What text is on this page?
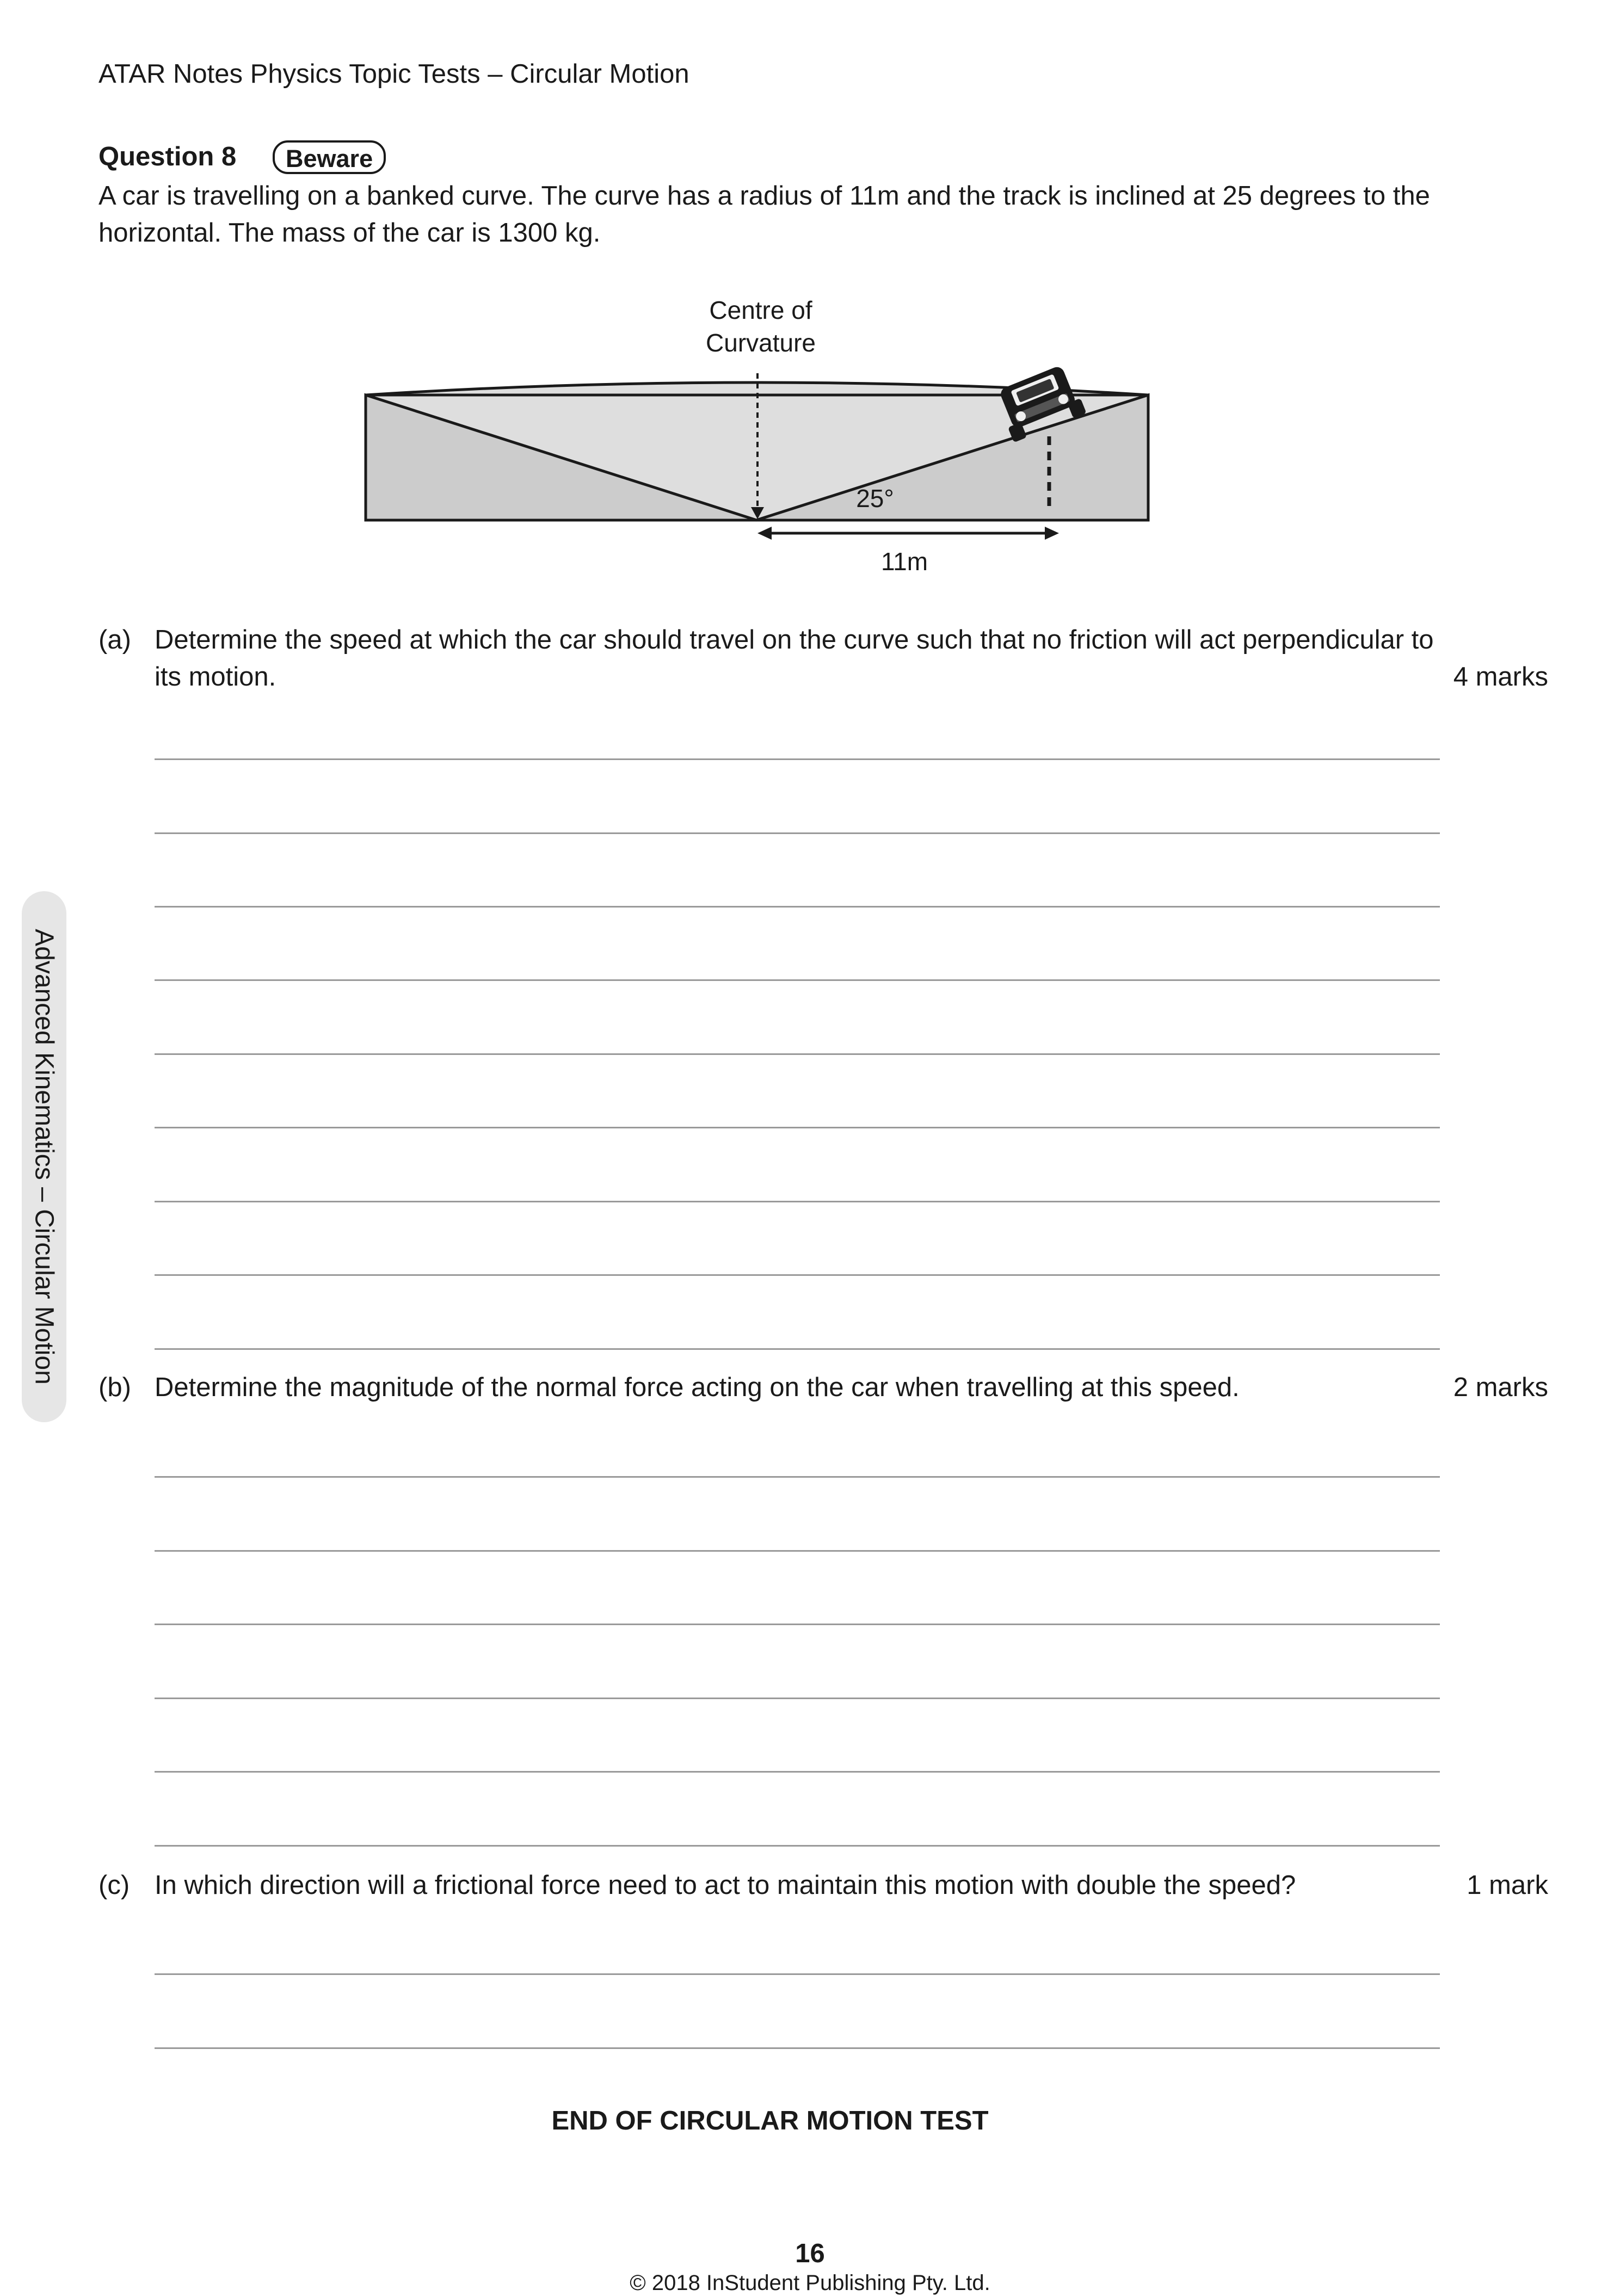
ATAR Notes Physics Topic Tests – Circular Motion
Question 8	Beware
A car is travelling on a banked curve. The curve has a radius of 11m and the track is inclined at 25 degrees to the horizontal. The mass of the car is 1300 kg.
Centre of
Curvature
25°
11m
(a) Determine the speed at which the car should travel on the curve such that no friction will act perpendicular to its motion.	4 marks
(b) Determine the magnitude of the normal force acting on the car when travelling at this speed.	2 marks
(c) In which direction will a frictional force need to act to maintain this motion with double the speed?	1 mark
END OF CIRCULAR MOTION TEST
16
© 2018 InStudent Publishing Pty. Ltd.
Advanced Kinematics – Circular Motion
